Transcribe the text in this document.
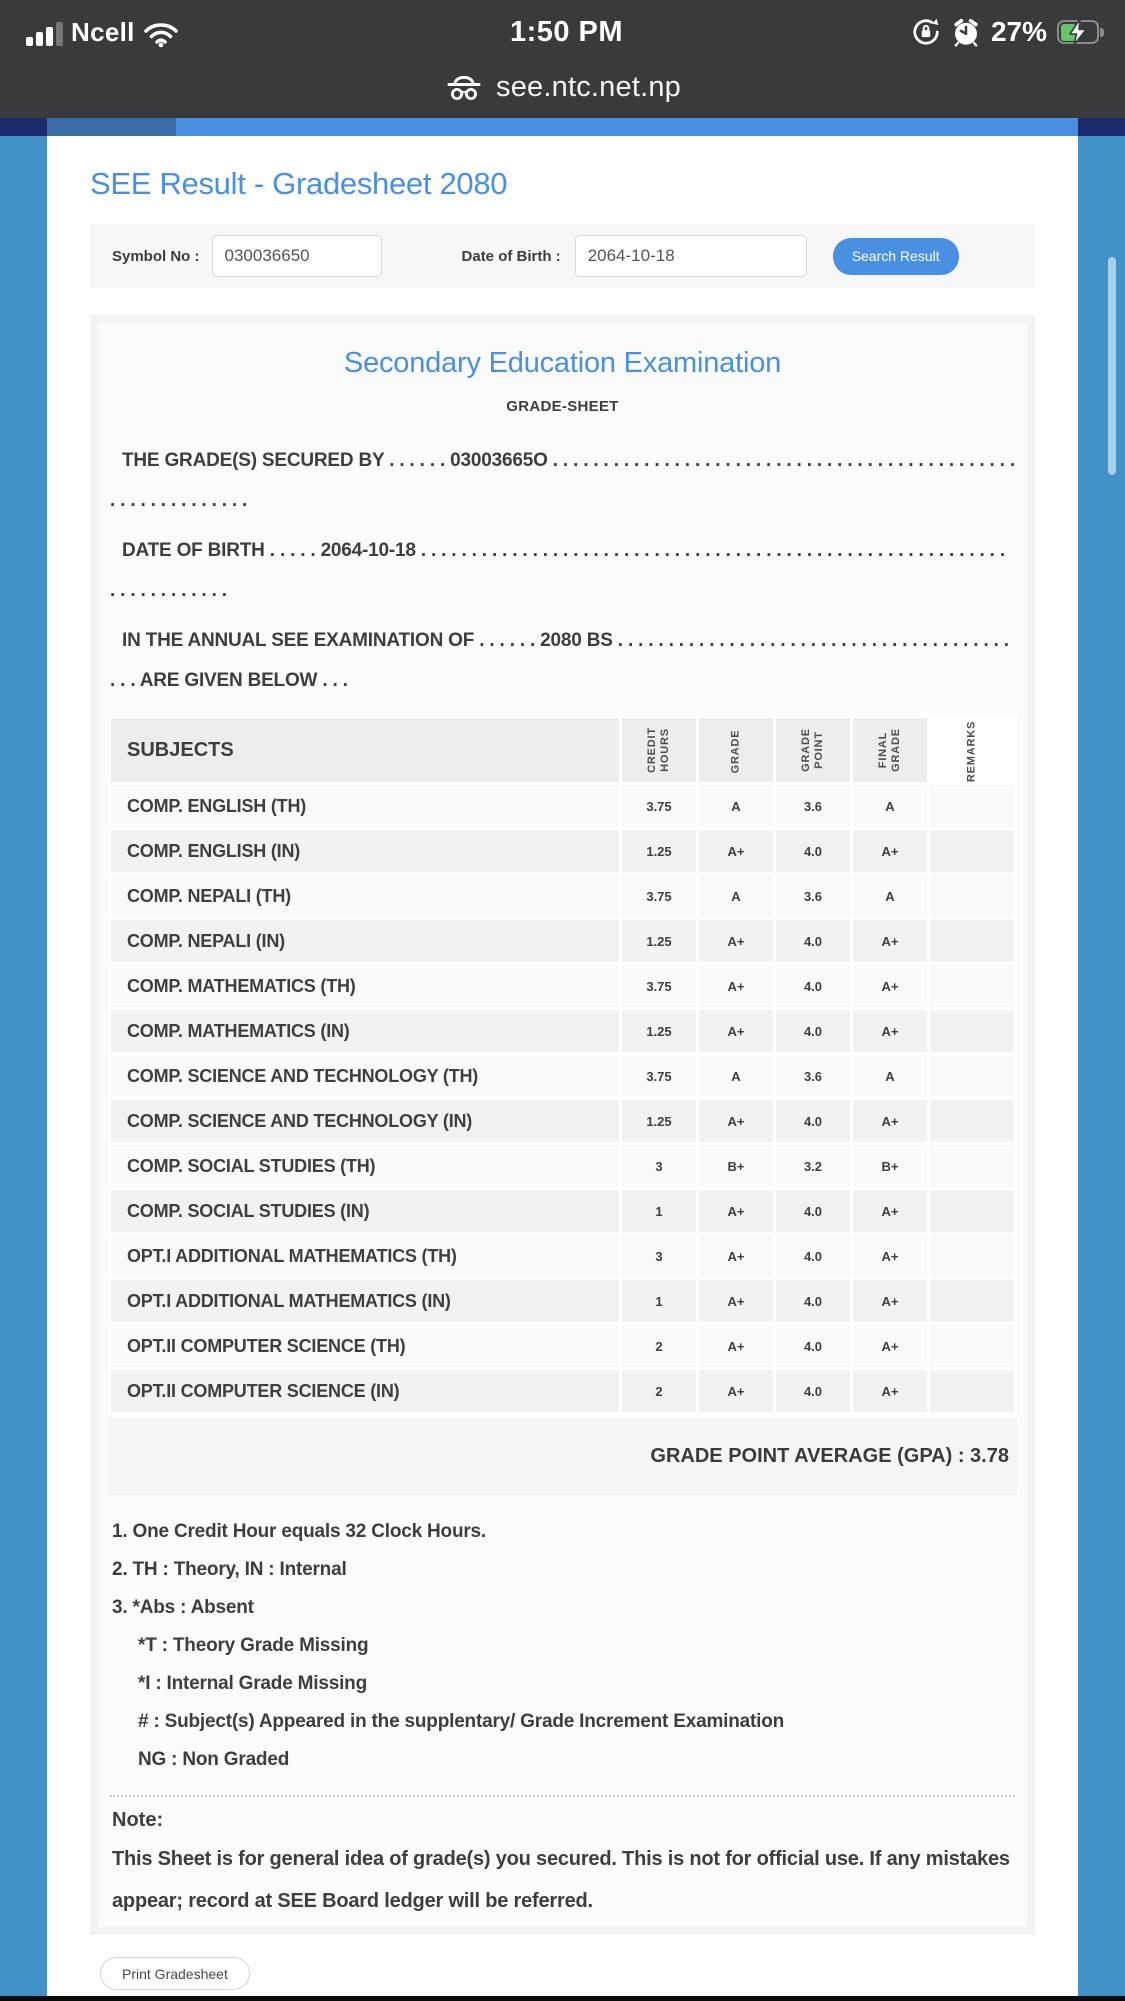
Ncell	1:50 PM	27%
see.ntc.net.np
SEE Result - Gradesheet 2080
Symbol No :
030036650	Date of Birth :
2064-10-18	Search Result
Secondary Education Examination
GRADE-SHEET

THE GRADE(S) SECURED BY . . . . . . 03003665O . . . . . . . . . . . . . . . . . . . . . . . . . . . . . . . . . . . . . . . . . . . . . . . . . . . . . . . . . . . .

DATE OF BIRTH . . . . . 2064-10-18 . . . . . . . . . . . . . . . . . . . . . . . . . . . . . . . . . . . . . . . . . . . . . . . . . . . . . . . . . . . . . . . . . . . . . .

IN THE ANNUAL SEE EXAMINATION OF . . . . . . 2080 BS . . . . . . . . . . . . . . . . . . . . . . . . . . . . . . . . . . . . . . . . . . ARE GIVEN BELOW . . .

SUBJECTS	CREDIT HOURS	GRADE	GRADE POINT	FINAL GRADE	REMARKS
COMP. ENGLISH (TH)	3.75	A	3.6	A	
COMP. ENGLISH (IN)	1.25	A+	4.0	A+	
COMP. NEPALI (TH)	3.75	A	3.6	A	
COMP. NEPALI (IN)	1.25	A+	4.0	A+	
COMP. MATHEMATICS (TH)	3.75	A+	4.0	A+	
COMP. MATHEMATICS (IN)	1.25	A+	4.0	A+	
COMP. SCIENCE AND TECHNOLOGY (TH)	3.75	A	3.6	A	
COMP. SCIENCE AND TECHNOLOGY (IN)	1.25	A+	4.0	A+	
COMP. SOCIAL STUDIES (TH)	3	B+	3.2	B+	
COMP. SOCIAL STUDIES (IN)	1	A+	4.0	A+	
OPT.I ADDITIONAL MATHEMATICS (TH)	3	A+	4.0	A+	
OPT.I ADDITIONAL MATHEMATICS (IN)	1	A+	4.0	A+	
OPT.II COMPUTER SCIENCE (TH)	2	A+	4.0	A+	
OPT.II COMPUTER SCIENCE (IN)	2	A+	4.0	A+	
GRADE POINT AVERAGE (GPA) : 3.78
1. One Credit Hour equals 32 Clock Hours.
2. TH : Theory, IN : Internal
3. *Abs : Absent
*T : Theory Grade Missing
*I : Internal Grade Missing
# : Subject(s) Appeared in the supplentary/ Grade Increment Examination
NG : Non Graded
Note:
This Sheet is for general idea of grade(s) you secured. This is not for official use. If any mistakes appear; record at SEE Board ledger will be referred.
Print Gradesheet
